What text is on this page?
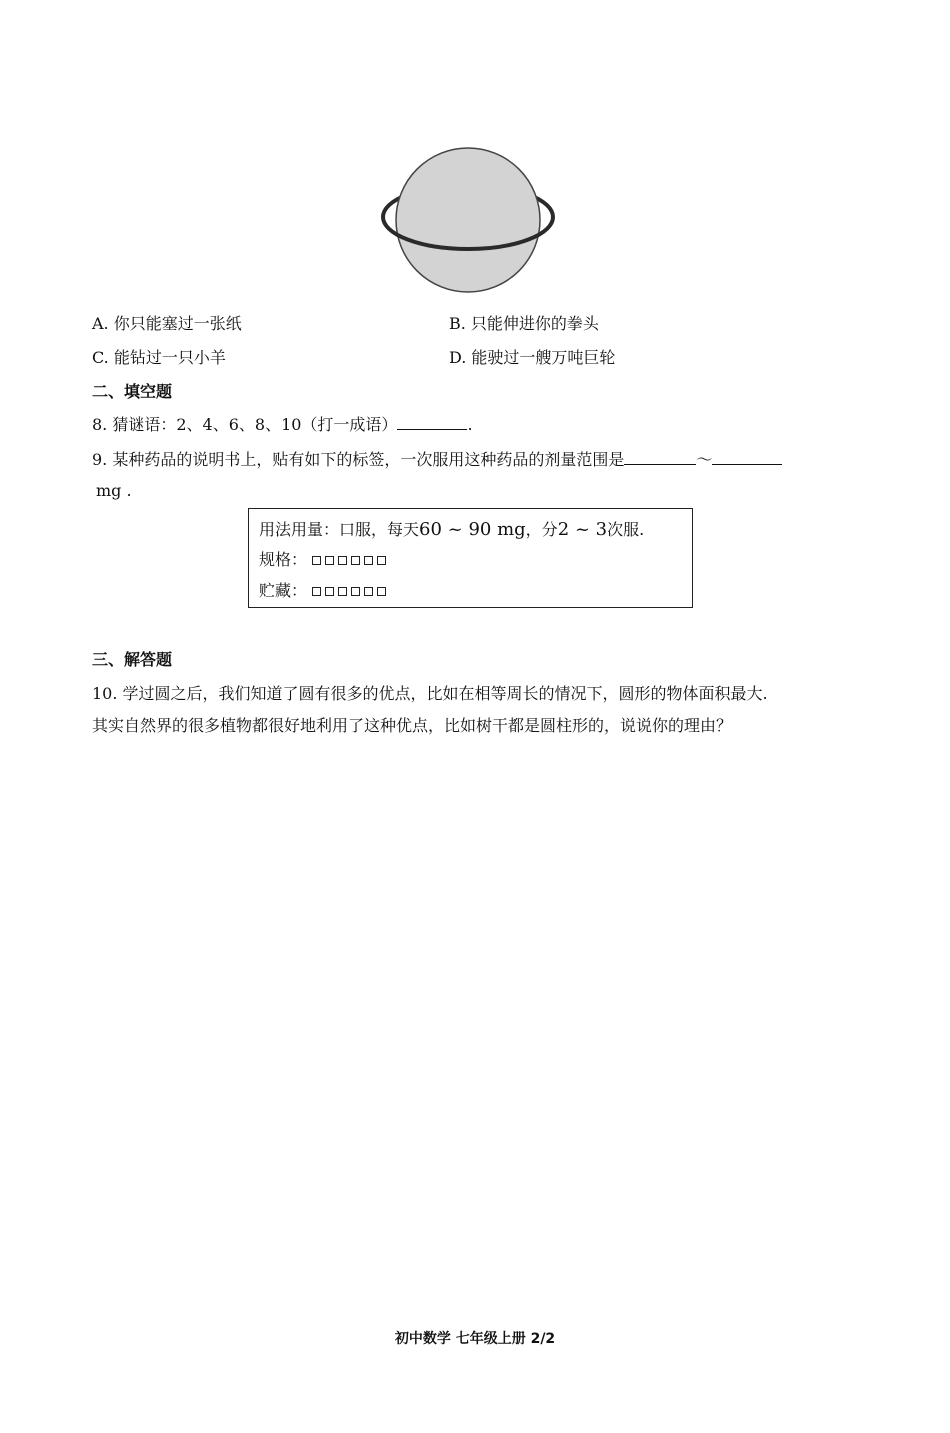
A. 你只能塞过一张纸	B. 只能伸进你的拳头
C. 能钻过一只小羊	D. 能驶过一艘万吨巨轮
二、填空题
8. 猜谜语：2、4、6、8、10（打一成语）	.
9. 某种药品的说明书上，贴有如下的标签，一次服用这种药品的剂量范围是	～
mg .
用法用量：口服，每天60 ~ 90 mg，分2 ~ 3次服.
规格：
贮藏：
三、解答题
10. 学过圆之后，我们知道了圆有很多的优点，比如在相等周长的情况下，圆形的物体面积最大.
其实自然界的很多植物都很好地利用了这种优点，比如树干都是圆柱形的，说说你的理由？
初中数学 七年级上册 2/2
